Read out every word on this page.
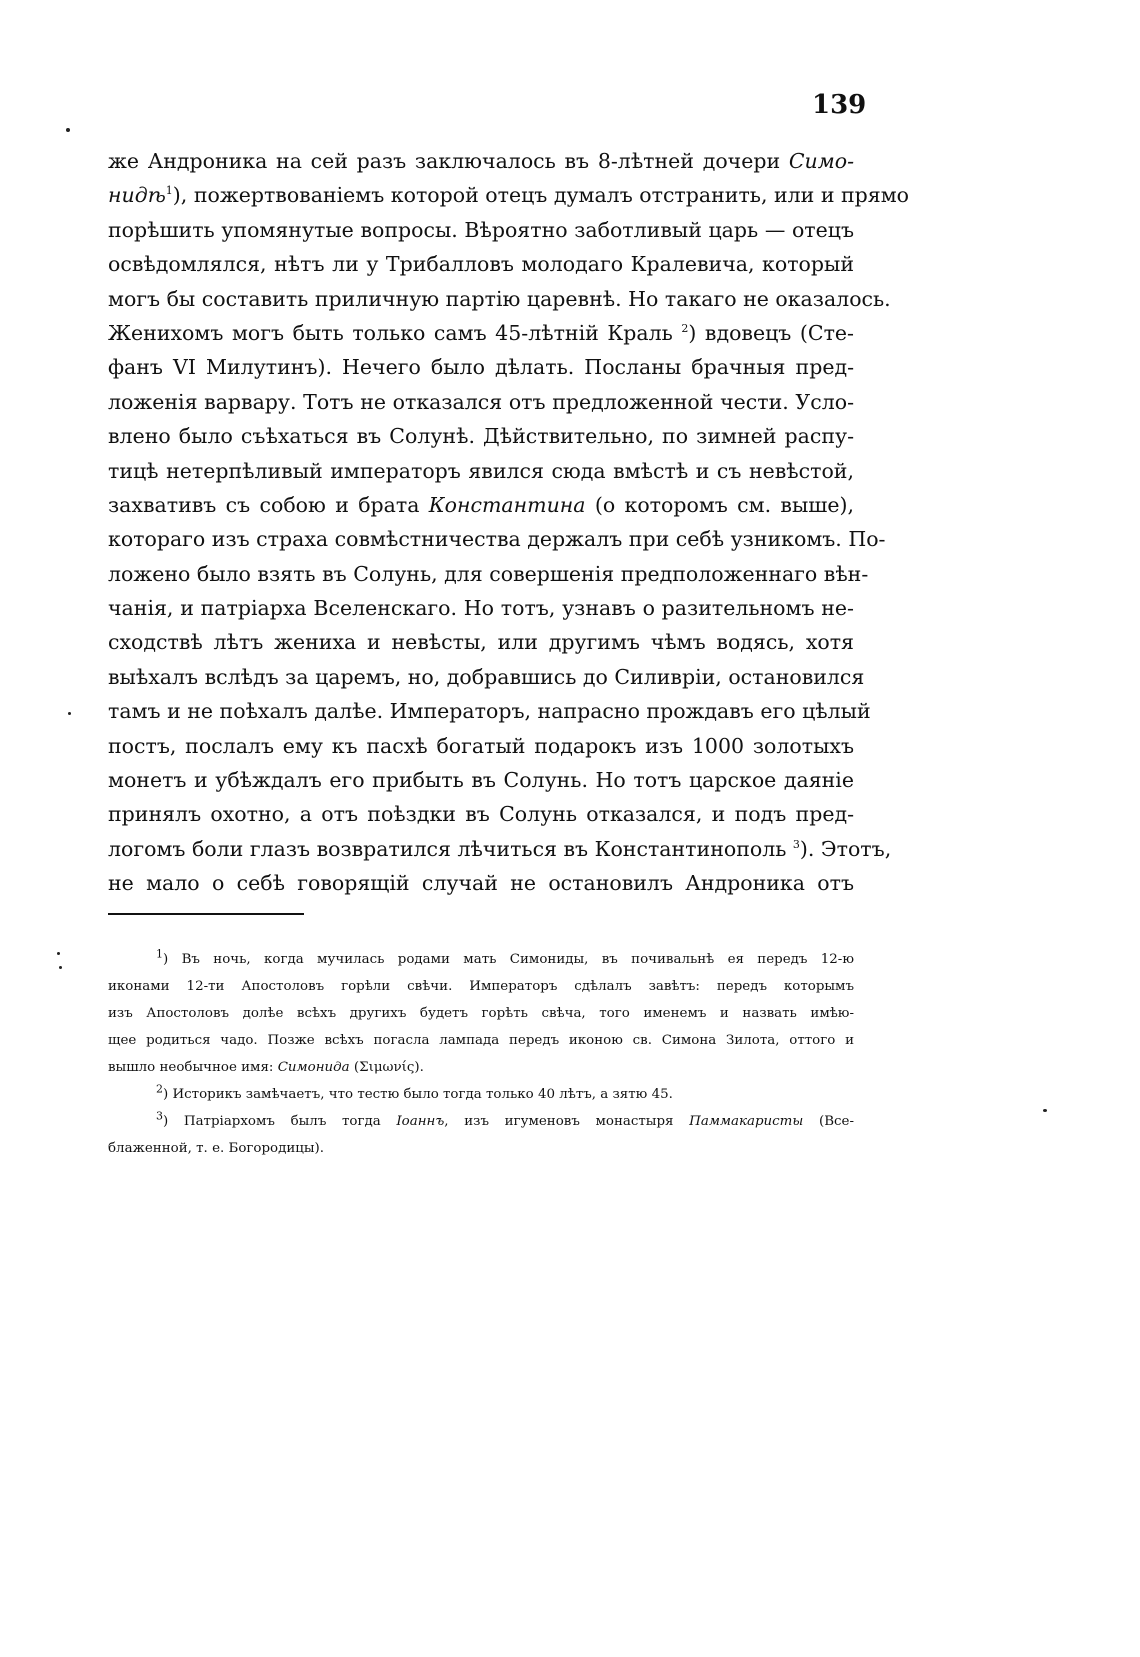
139
же Андроника на сей разъ заключалось въ 8-лѣтней дочери Симо-
нидѣ$^1$), пожертвованіемъ которой отецъ думалъ отстранить, или и прямо
порѣшить упомянутые вопросы. Вѣроятно заботливый царь — отецъ
освѣдомлялся, нѣтъ ли у Трибалловъ молодаго Кралевича, который
могъ бы составить приличную партію царевнѣ. Но такаго не оказалось.
Женихомъ могъ быть только самъ 45-лѣтній Краль $^2$) вдовецъ (Сте-
фанъ VI Милутинъ). Нечего было дѣлать. Посланы брачныя пред-
ложенія варвару. Тотъ не отказался отъ предложенной чести. Усло-
влено было съѣхаться въ Солунѣ. Дѣйствительно, по зимней распу-
тицѣ нетерпѣливый императоръ явился сюда вмѣстѣ и съ невѣстой,
захвативъ съ собою и брата Константина (о которомъ см. выше),
котораго изъ страха совмѣстничества держалъ при себѣ узникомъ. По-
ложено было взять въ Солунь, для совершенія предположеннаго вѣн-
чанія, и патріарха Вселенскаго. Но тотъ, узнавъ о разительномъ не-
сходствѣ лѣтъ жениха и невѣсты, или другимъ чѣмъ водясь, хотя
выѣхалъ вслѣдъ за царемъ, но, добравшись до Силивріи, остановился
тамъ и не поѣхалъ далѣе. Императоръ, напрасно прождавъ его цѣлый
постъ, послалъ ему къ пасхѣ богатый подарокъ изъ 1000 золотыхъ
монетъ и убѣждалъ его прибыть въ Солунь. Но тотъ царское даяніе
принялъ охотно, а отъ поѣздки въ Солунь отказался, и подъ пред-
логомъ боли глазъ возвратился лѣчиться въ Константинополь $^3$). Этотъ,
не мало о себѣ говорящій случай не остановилъ Андроника отъ
$^1$) Въ ночь, когда мучилась родами мать Симониды, въ почивальнѣ ея передъ 12-ю
иконами 12-ти Апостоловъ горѣли свѣчи. Императоръ сдѣлалъ завѣтъ: передъ которымъ
изъ Апостоловъ долѣе всѣхъ другихъ будетъ горѣть свѣча, того именемъ и назвать имѣю-
щее родиться чадо. Позже всѣхъ погасла лампада передъ иконою св. Симона Зилота, оттого и
вышло необычное имя: Симонида (Σιμωνίς).
$^2$) Историкъ замѣчаетъ, что тестю было тогда только 40 лѣтъ, а зятю 45.
$^3$) Патріархомъ былъ тогда Іоаннъ, изъ игуменовъ монастыря Паммакаристы (Все-
блаженной, т. е. Богородицы).
